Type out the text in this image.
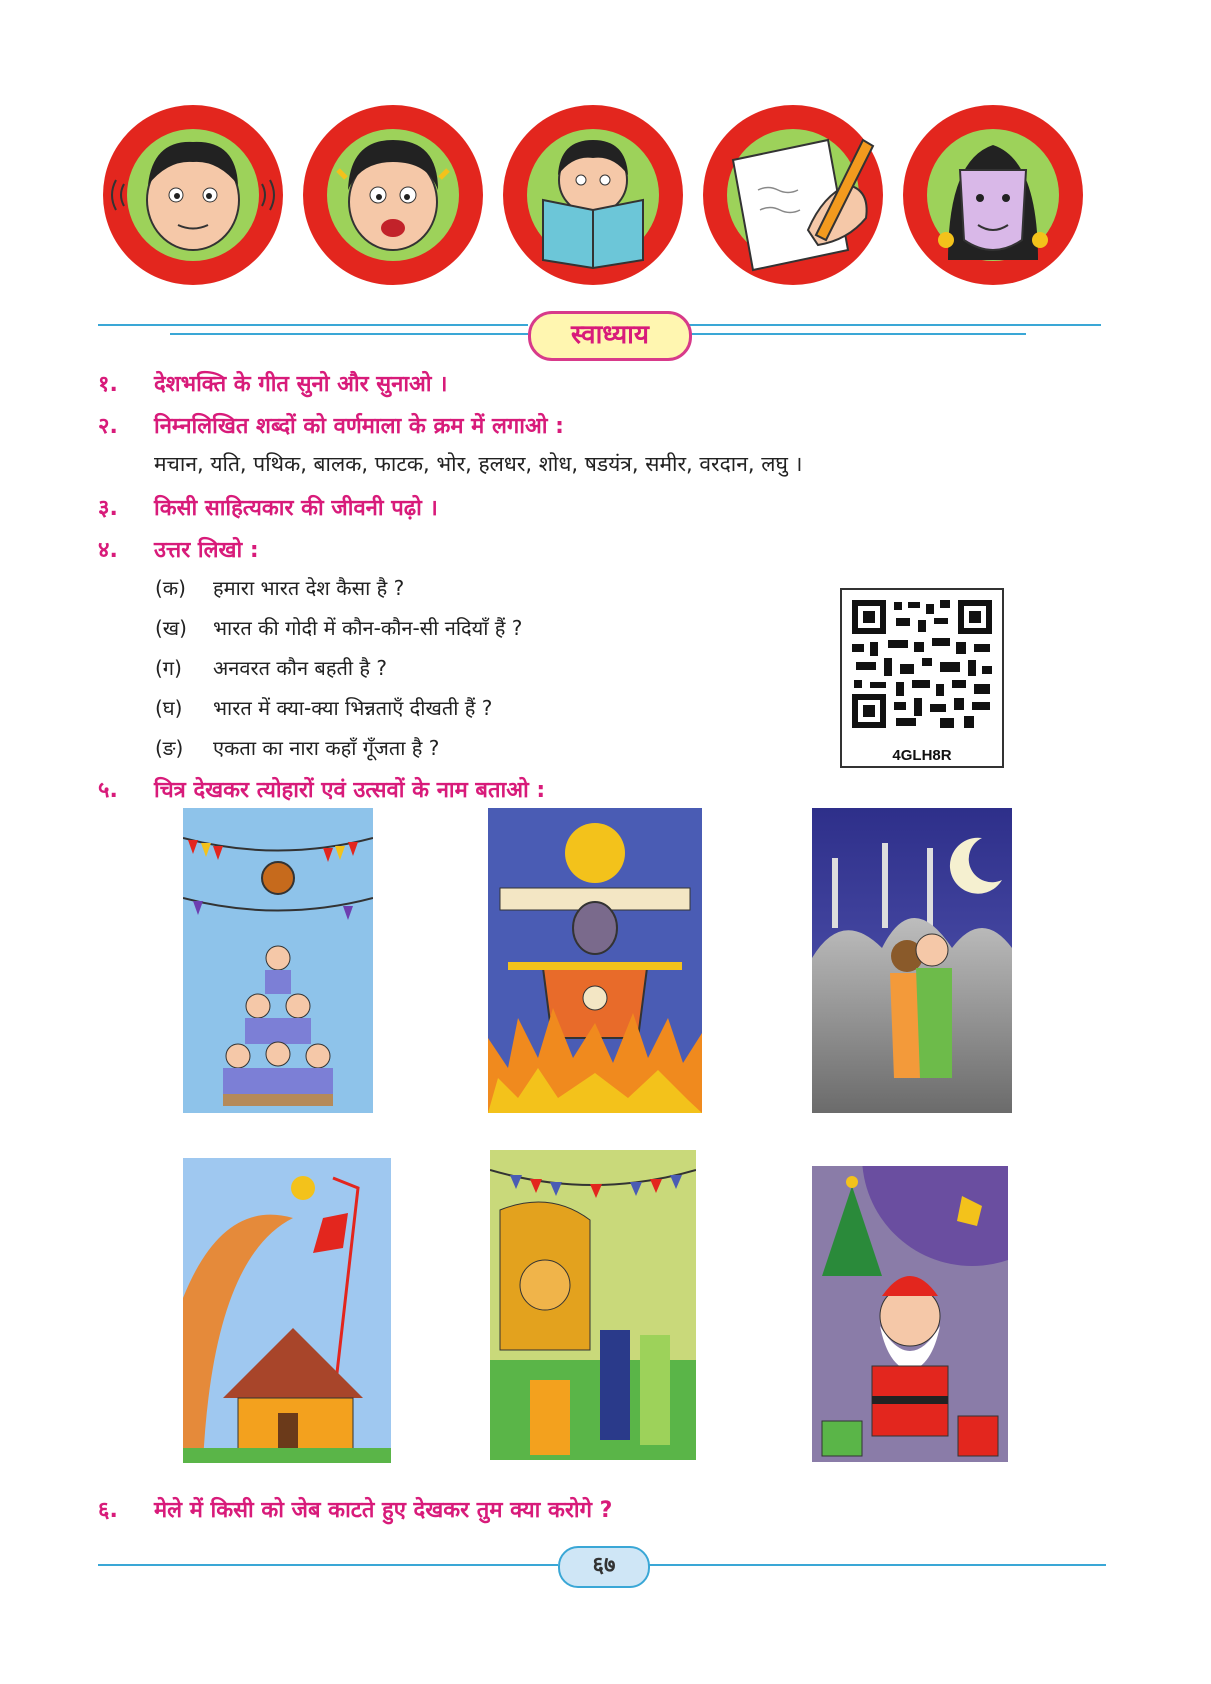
स्वाध्याय
१. देशभक्ति के गीत सुनो और सुनाओ ।
२. निम्नलिखित शब्दों को वर्णमाला के क्रम में लगाओ :
मचान, यति, पथिक, बालक, फाटक, भोर, हलधर, शोध, षडयंत्र, समीर, वरदान, लघु ।
३. किसी साहित्यकार की जीवनी पढ़ो ।
४. उत्तर लिखो :
(क) हमारा भारत देश कैसा है ?
(ख) भारत की गोदी में कौन-कौन-सी नदियाँ हैं ?
(ग) अनवरत कौन बहती है ?
(घ) भारत में क्या-क्या भिन्नताएँ दीखती हैं ?
(ङ) एकता का नारा कहाँ गूँजता है ?	4GLH8R
५. चित्र देखकर त्योहारों एवं उत्सवों के नाम बताओ :
६. मेले में किसी को जेब काटते हुए देखकर तुम क्या करोगे ?
६७
